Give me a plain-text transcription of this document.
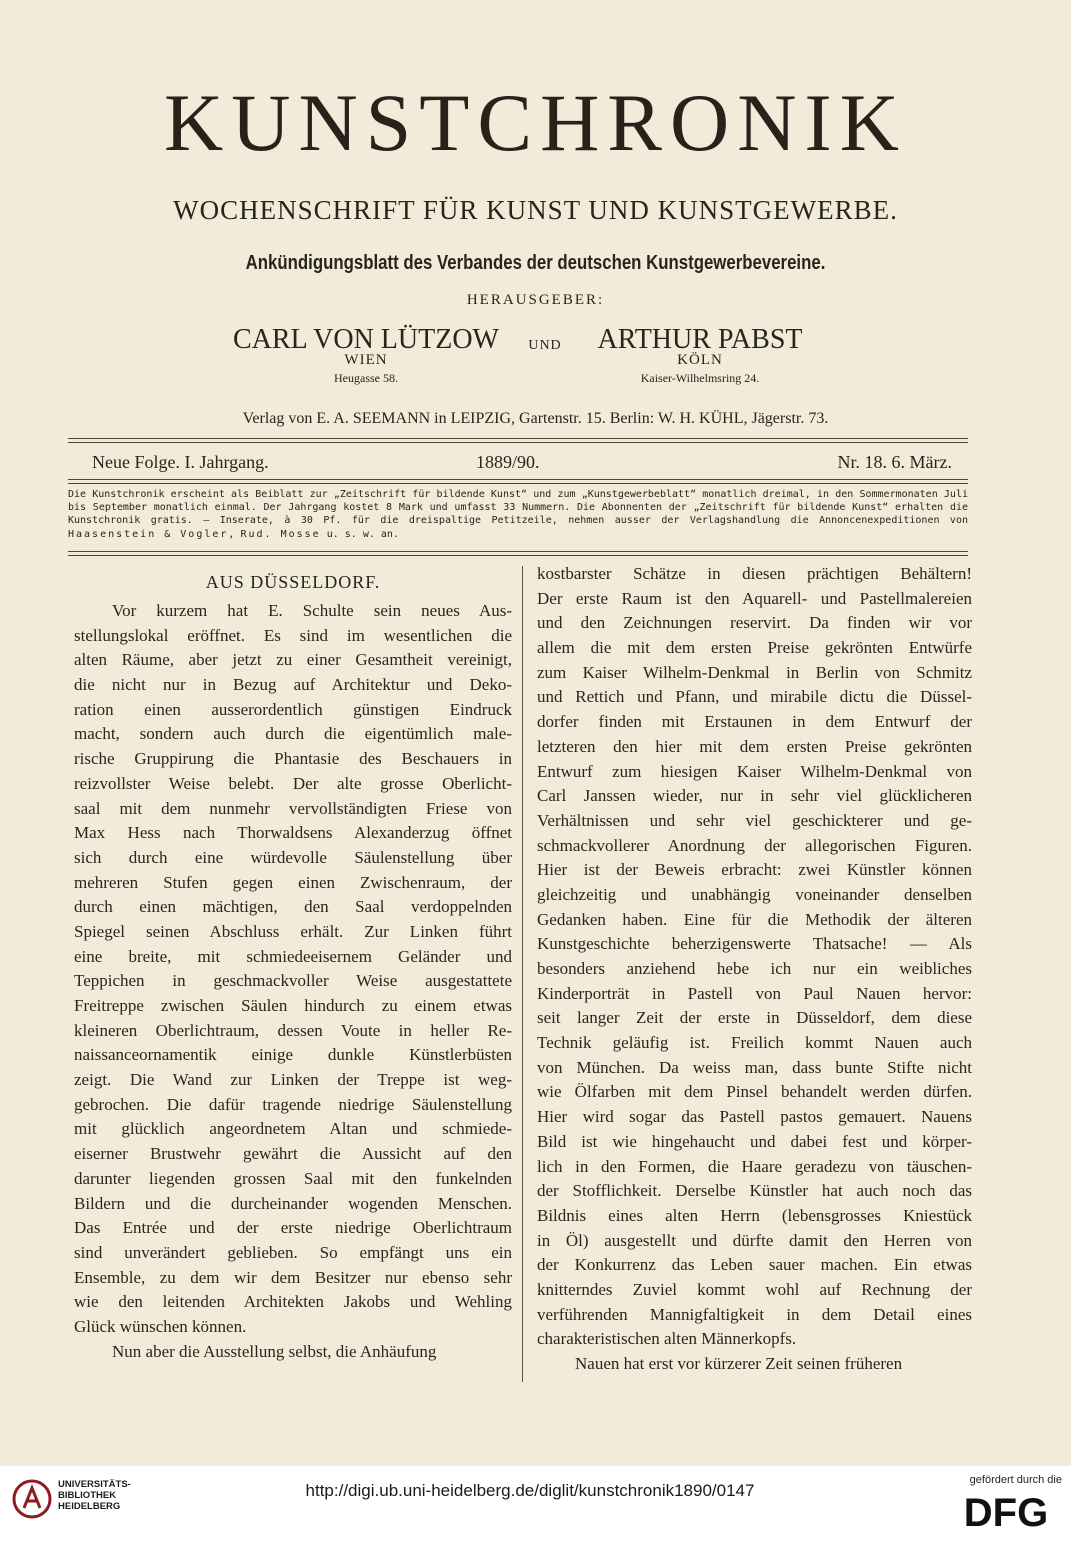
KUNSTCHRONIK
WOCHENSCHRIFT FÜR KUNST UND KUNSTGEWERBE.
Ankündigungsblatt des Verbandes der deutschen Kunstgewerbevereine.
HERAUSGEBER:
CARL VON LÜTZOW
WIEN
Heugasse 58.
UND	ARTHUR PABST
KÖLN
Kaiser-Wilhelmsring 24.
Verlag von E. A. SEEMANN in LEIPZIG, Gartenstr. 15. Berlin: W. H. KÜHL, Jägerstr. 73.
Neue Folge. I. Jahrgang.	1889/90.	Nr. 18. 6. März.
Die Kunstchronik erscheint als Beiblatt zur „Zeitschrift für bildende Kunst“ und zum „Kunstgewerbeblatt“ monatlich dreimal, in den Sommermonaten Juli bis September monatlich einmal. Der Jahrgang kostet 8 Mark und umfasst 33 Nummern. Die Abonnenten der „Zeitschrift für bildende Kunst“ erhalten die Kunstchronik gratis. — Inserate, à 30 Pf. für die dreispaltige Petitzeile, nehmen ausser der Verlagshandlung die Annoncenexpeditionen von Haasenstein & Vogler, Rud. Mosse u. s. w. an.
AUS DÜSSELDORF.
Vor kurzem hat E. Schulte sein neues Aus-
stellungslokal eröffnet. Es sind im wesentlichen die
alten Räume, aber jetzt zu einer Gesamtheit vereinigt,
die nicht nur in Bezug auf Architektur und Deko-
ration einen ausserordentlich günstigen Eindruck
macht, sondern auch durch die eigentümlich male-
rische Gruppirung die Phantasie des Beschauers in
reizvollster Weise belebt. Der alte grosse Oberlicht-
saal mit dem nunmehr vervollständigten Friese von
Max Hess nach Thorwaldsens Alexanderzug öffnet
sich durch eine würdevolle Säulenstellung über
mehreren Stufen gegen einen Zwischenraum, der
durch einen mächtigen, den Saal verdoppelnden
Spiegel seinen Abschluss erhält. Zur Linken führt
eine breite, mit schmiedeeisernem Geländer und
Teppichen in geschmackvoller Weise ausgestattete
Freitreppe zwischen Säulen hindurch zu einem etwas
kleineren Oberlichtraum, dessen Voute in heller Re-
naissanceornamentik einige dunkle Künstlerbüsten
zeigt. Die Wand zur Linken der Treppe ist weg-
gebrochen. Die dafür tragende niedrige Säulenstellung
mit glücklich angeordnetem Altan und schmiede-
eiserner Brustwehr gewährt die Aussicht auf den
darunter liegenden grossen Saal mit den funkelnden
Bildern und die durcheinander wogenden Menschen.
Das Entrée und der erste niedrige Oberlichtraum
sind unverändert geblieben. So empfängt uns ein
Ensemble, zu dem wir dem Besitzer nur ebenso sehr
wie den leitenden Architekten Jakobs und Wehling
Glück wünschen können.
Nun aber die Ausstellung selbst, die Anhäufung
kostbarster Schätze in diesen prächtigen Behältern!
Der erste Raum ist den Aquarell- und Pastellmalereien
und den Zeichnungen reservirt. Da finden wir vor
allem die mit dem ersten Preise gekrönten Entwürfe
zum Kaiser Wilhelm-Denkmal in Berlin von Schmitz
und Rettich und Pfann, und mirabile dictu die Düssel-
dorfer finden mit Erstaunen in dem Entwurf der
letzteren den hier mit dem ersten Preise gekrönten
Entwurf zum hiesigen Kaiser Wilhelm-Denkmal von
Carl Janssen wieder, nur in sehr viel glücklicheren
Verhältnissen und sehr viel geschickterer und ge-
schmackvollerer Anordnung der allegorischen Figuren.
Hier ist der Beweis erbracht: zwei Künstler können
gleichzeitig und unabhängig voneinander denselben
Gedanken haben. Eine für die Methodik der älteren
Kunstgeschichte beherzigenswerte Thatsache! — Als
besonders anziehend hebe ich nur ein weibliches
Kinderporträt in Pastell von Paul Nauen hervor:
seit langer Zeit der erste in Düsseldorf, dem diese
Technik geläufig ist. Freilich kommt Nauen auch
von München. Da weiss man, dass bunte Stifte nicht
wie Ölfarben mit dem Pinsel behandelt werden dürfen.
Hier wird sogar das Pastell pastos gemauert. Nauens
Bild ist wie hingehaucht und dabei fest und körper-
lich in den Formen, die Haare geradezu von täuschen-
der Stofflichkeit. Derselbe Künstler hat auch noch das
Bildnis eines alten Herrn (lebensgrosses Kniestück
in Öl) ausgestellt und dürfte damit den Herren von
der Konkurrenz das Leben sauer machen. Ein etwas
knitterndes Zuviel kommt wohl auf Rechnung der
verführenden Mannigfaltigkeit in dem Detail eines
charakteristischen alten Männerkopfs.
Nauen hat erst vor kürzerer Zeit seinen früheren
UNIVERSITÄTS-
BIBLIOTHEK
HEIDELBERG
http://digi.ub.uni-heidelberg.de/diglit/kunstchronik1890/0147
gefördert durch die
DFG
